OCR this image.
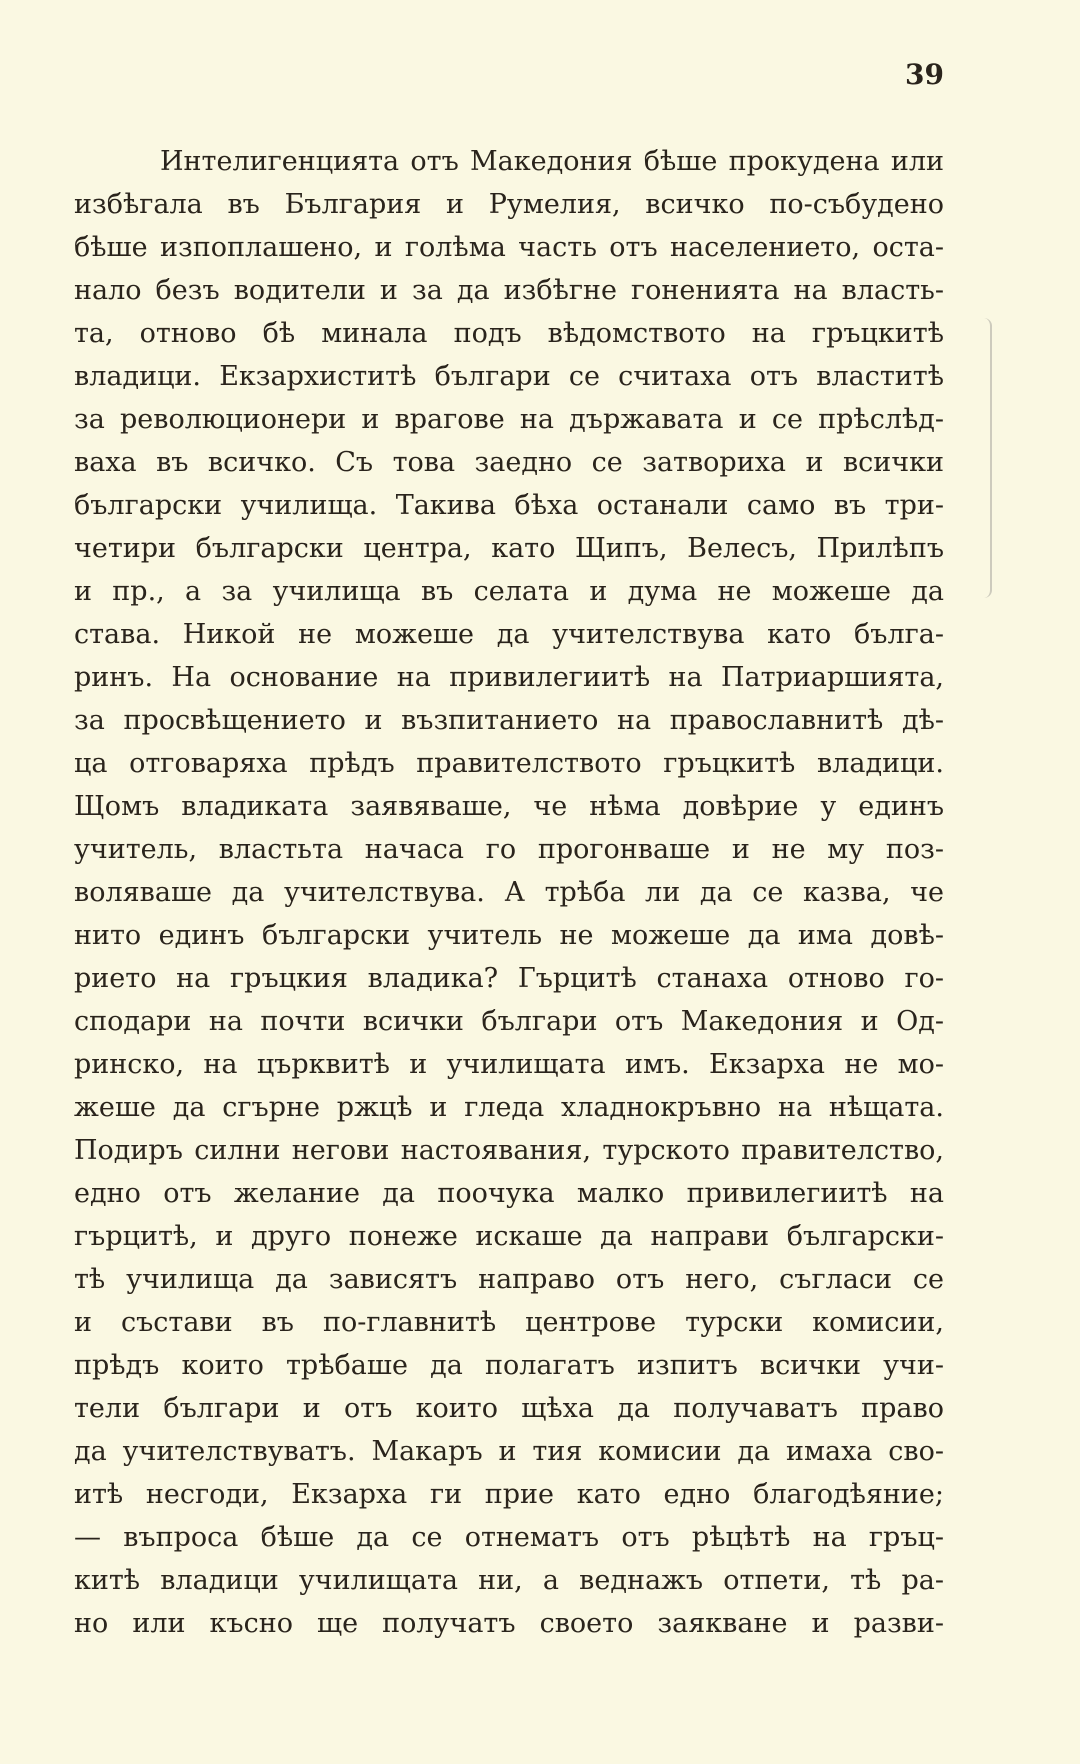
39
Интелигенцията отъ Македония бѣше прокудена или
избѣгала въ България и Румелия, всичко по-събудено
бѣше изпоплашено, и голѣма часть отъ населението, оста-
нало безъ водители и за да избѣгне гоненията на власть-
та, отново бѣ минала подъ вѣдомството на гръцкитѣ
владици. Екзархиститѣ българи се считаха отъ властитѣ
за революционери и врагове на държавата и се прѣслѣд-
ваха въ всичко. Съ това заедно се затвориха и всички
български училища. Такива бѣха останали само въ три-
четири български центра, като Щипъ, Велесъ, Прилѣпъ
и пр., а за училища въ селата и дума не можеше да
става. Никой не можеше да учителствува като бълга-
ринъ. На основание на привилегиитѣ на Патриаршията,
за просвѣщението и възпитанието на православнитѣ дѣ-
ца отговаряха прѣдъ правителството гръцкитѣ владици.
Щомъ владиката заявяваше, че нѣма довѣрие у единъ
учитель, властьта начаса го прогонваше и не му поз-
воляваше да учителствува. А трѣба ли да се казва, че
нито единъ български учитель не можеше да има довѣ-
рието на гръцкия владика? Гърцитѣ станаха отново го-
сподари на почти всички българи отъ Македония и Од-
ринско, на църквитѣ и училищата имъ. Екзарха не мо-
жеше да сгърне ржцѣ и гледа хладнокръвно на нѣщата.
Подиръ силни негови настоявания, турското правителство,
едно отъ желание да поочука малко привилегиитѣ на
гърцитѣ, и друго понеже искаше да направи български-
тѣ училища да зависятъ направо отъ него, съгласи се
и състави въ по-главнитѣ центрове турски комисии,
прѣдъ които трѣбаше да полагатъ изпитъ всички учи-
тели българи и отъ които щѣха да получаватъ право
да учителствуватъ. Макаръ и тия комисии да имаха сво-
итѣ несгоди, Екзарха ги прие като едно благодѣяние;
— въпроса бѣше да се отнематъ отъ рѣцѣтѣ на гръц-
китѣ владици училищата ни, а веднажъ отпети, тѣ ра-
но или късно ще получатъ своето заякване и разви-
